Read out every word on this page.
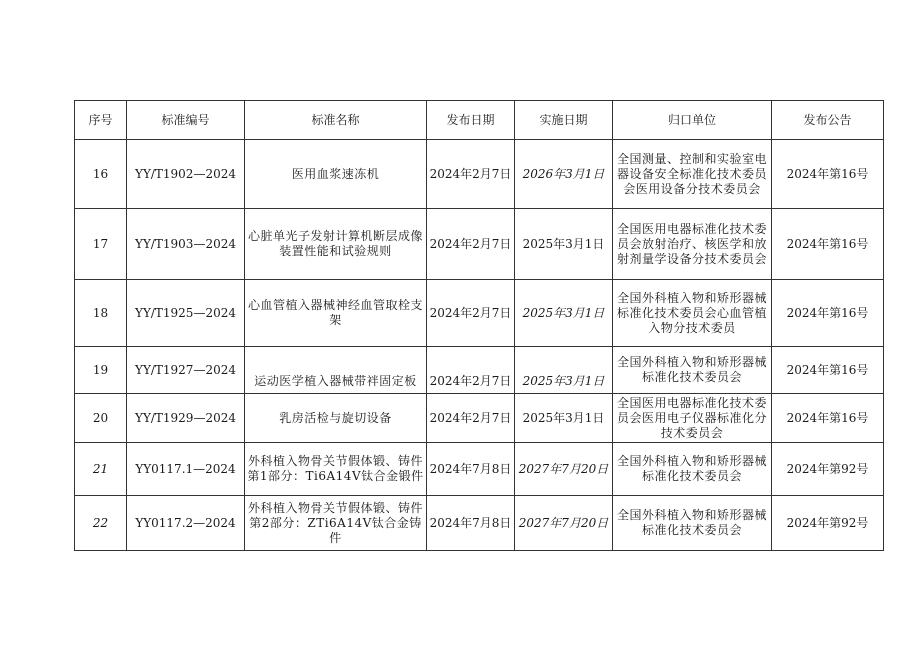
序号	标准编号	标准名称	发布日期	实施日期	归口单位	发布公告
16	YY/T1902—2024	医用血浆速冻机	2024年2月7日	2026年3月1日	全国测量、控制和实验室电器设备安全标准化技术委员会医用设备分技术委员会	2024年第16号
17	YY/T1903—2024	心脏单光子发射计算机断层成像装置性能和试验规则	2024年2月7日	2025年3月1日	全国医用电器标准化技术委员会放射治疗、核医学和放射剂量学设备分技术委员会	2024年第16号
18	YY/T1925—2024	心血管植入器械神经血管取栓支架	2024年2月7日	2025年3月1日	全国外科植入物和矫形器械标准化技术委员会心血管植入物分技术委员	2024年第16号
19	YY/T1927—2024	运动医学植入器械带袢固定板	2024年2月7日	2025年3月1日	全国外科植入物和矫形器械标准化技术委员会	2024年第16号
20	YY/T1929—2024	乳房活检与旋切设备	2024年2月7日	2025年3月1日	全国医用电器标准化技术委员会医用电子仪器标准化分技术委员会	2024年第16号
21	YY0117.1—2024	外科植入物骨关节假体锻、铸件第1部分：Ti6A14V钛合金锻件	2024年7月8日	2027年7月20日	全国外科植入物和矫形器械标准化技术委员会	2024年第92号
22	YY0117.2—2024	外科植入物骨关节假体锻、铸件第2部分：ZTi6A14V钛合金铸件	2024年7月8日	2027年7月20日	全国外科植入物和矫形器械标准化技术委员会	2024年第92号
